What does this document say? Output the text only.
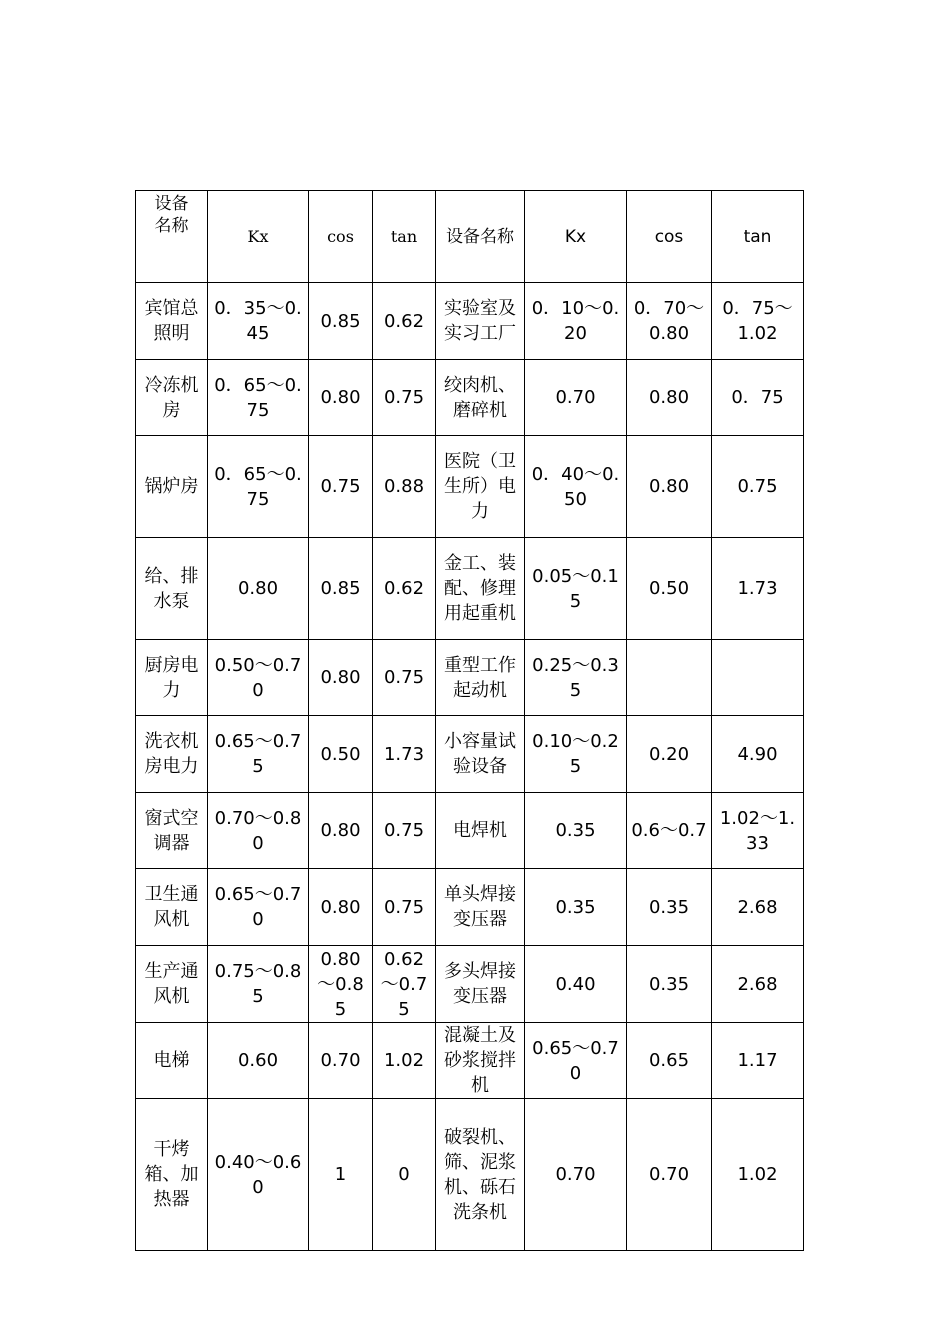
设备名称	Kx	cos	tan	设备名称	Kx	cos	tan
宾馆总照明	0．35～0.45	0.85	0.62	实验室及实习工厂	0．10～0.20	0．70～0.80	0．75～1.02
冷冻机房	0．65～0.75	0.80	0.75	绞肉机、磨碎机	0.70	0.80	0．75
锅炉房	0．65～0.75	0.75	0.88	医院（卫生所）电力	0．40～0.50	0.80	0.75
给、排水泵	0.80	0.85	0.62	金工、装配、修理用起重机	0.05～0.15	0.50	1.73
厨房电力	0.50～0.70	0.80	0.75	重型工作起动机	0.25～0.35		
洗衣机房电力	0.65～0.75	0.50	1.73	小容量试验设备	0.10～0.25	0.20	4.90
窗式空调器	0.70～0.80	0.80	0.75	电焊机	0.35	0.6～0.7	1.02～1.33
卫生通风机	0.65～0.70	0.80	0.75	单头焊接变压器	0.35	0.35	2.68
生产通风机	0.75～0.85	0.80～0.85	0.62～0.75	多头焊接变压器	0.40	0.35	2.68
电梯	0.60	0.70	1.02	混凝土及砂浆搅拌机	0.65～0.70	0.65	1.17
干烤箱、加热器	0.40～0.60	1	0	破裂机、筛、泥浆机、砾石洗条机	0.70	0.70	1.02
